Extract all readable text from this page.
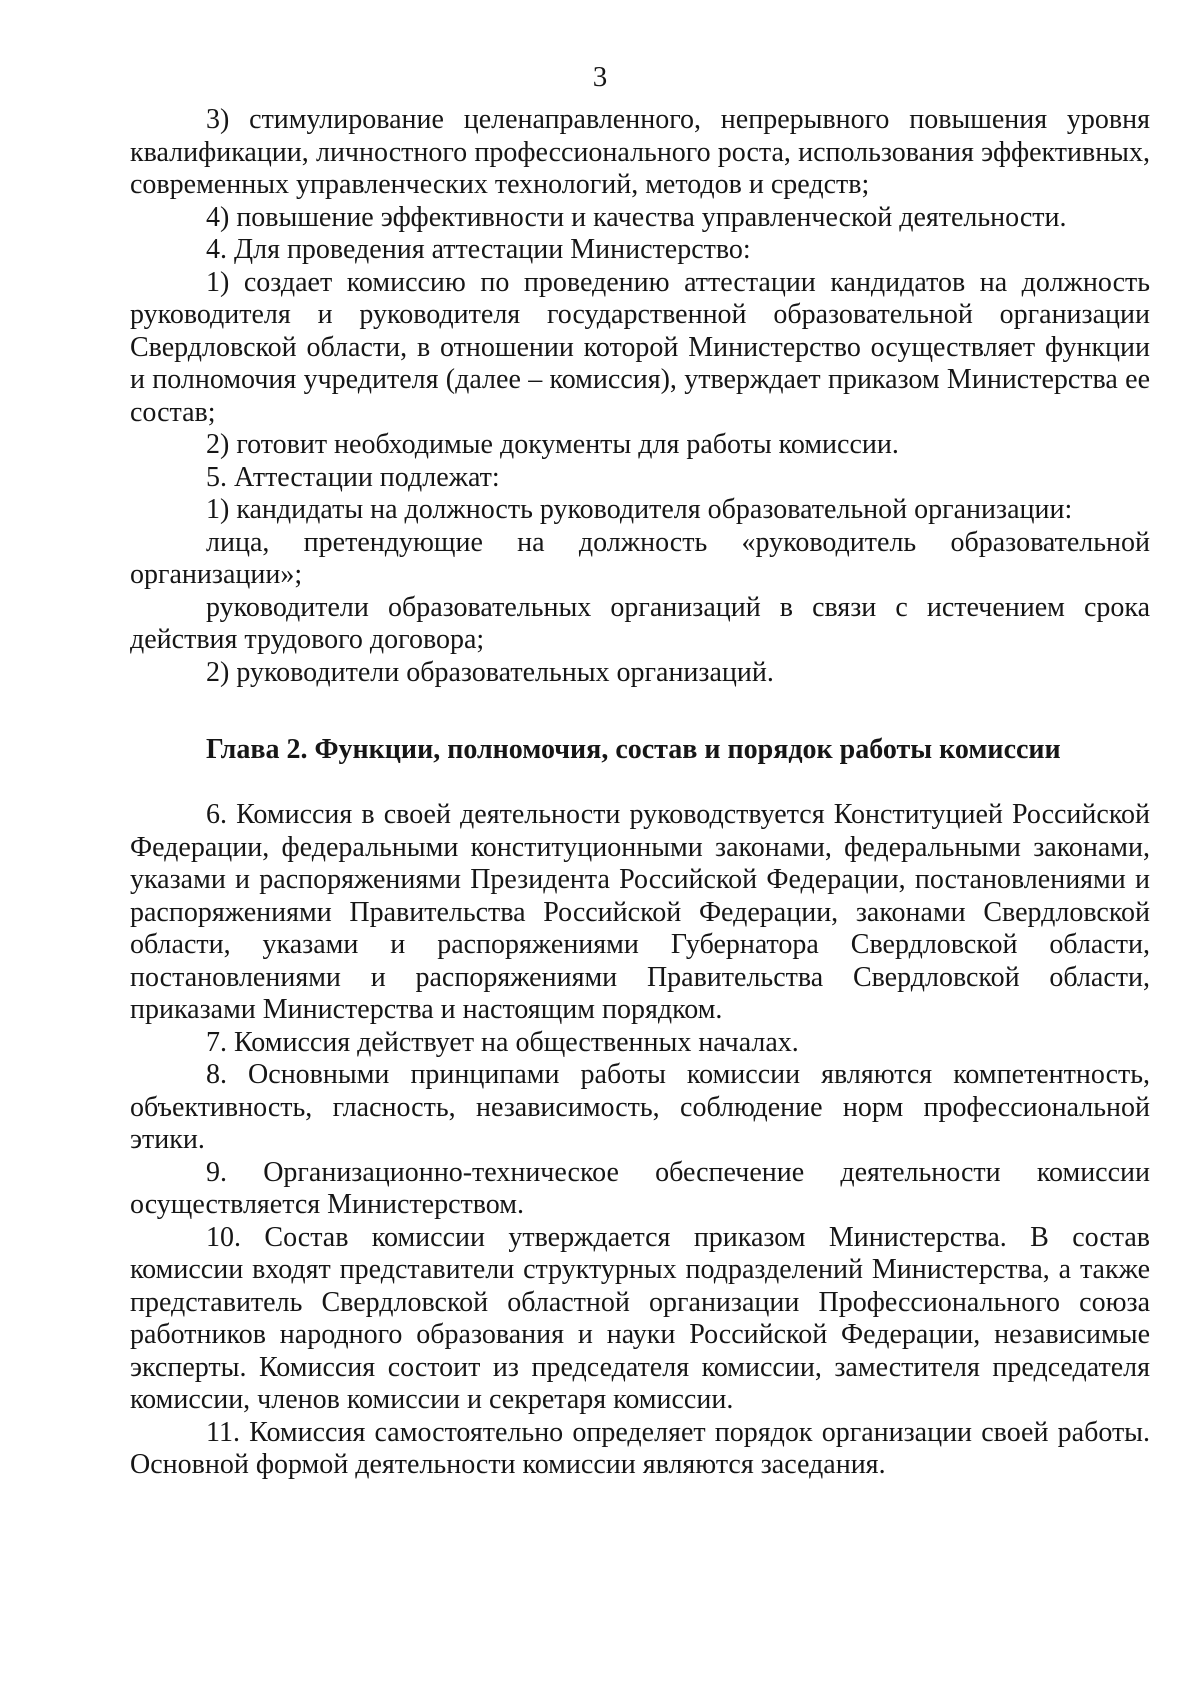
3

3) стимулирование целенаправленного, непрерывного повышения уровня квалификации, личностного профессионального роста, использования эффективных, современных управленческих технологий, методов и средств;

4) повышение эффективности и качества управленческой деятельности.

4. Для проведения аттестации Министерство:

1) создает комиссию по проведению аттестации кандидатов на должность руководителя и руководителя государственной образовательной организации Свердловской области, в отношении которой Министерство осуществляет функции и полномочия учредителя (далее – комиссия), утверждает приказом Министерства ее состав;

2) готовит необходимые документы для работы комиссии.

5. Аттестации подлежат:

1) кандидаты на должность руководителя образовательной организации:

лица, претендующие на должность «руководитель образовательной организации»;

руководители образовательных организаций в связи с истечением срока действия трудового договора;

2) руководители образовательных организаций.

Глава 2. Функции, полномочия, состав и порядок работы комиссии

6. Комиссия в своей деятельности руководствуется Конституцией Российской Федерации, федеральными конституционными законами, федеральными законами, указами и распоряжениями Президента Российской Федерации, постановлениями и распоряжениями Правительства Российской Федерации, законами Свердловской области, указами и распоряжениями Губернатора Свердловской области, постановлениями и распоряжениями Правительства Свердловской области, приказами Министерства и настоящим порядком.

7. Комиссия действует на общественных началах.

8. Основными принципами работы комиссии являются компетентность, объективность, гласность, независимость, соблюдение норм профессиональной этики.

9. Организационно-техническое обеспечение деятельности комиссии осуществляется Министерством.

10. Состав комиссии утверждается приказом Министерства. В состав комиссии входят представители структурных подразделений Министерства, а также представитель Свердловской областной организации Профессионального союза работников народного образования и науки Российской Федерации, независимые эксперты. Комиссия состоит из председателя комиссии, заместителя председателя комиссии, членов комиссии и секретаря комиссии.

11. Комиссия самостоятельно определяет порядок организации своей работы. Основной формой деятельности комиссии являются заседания.
